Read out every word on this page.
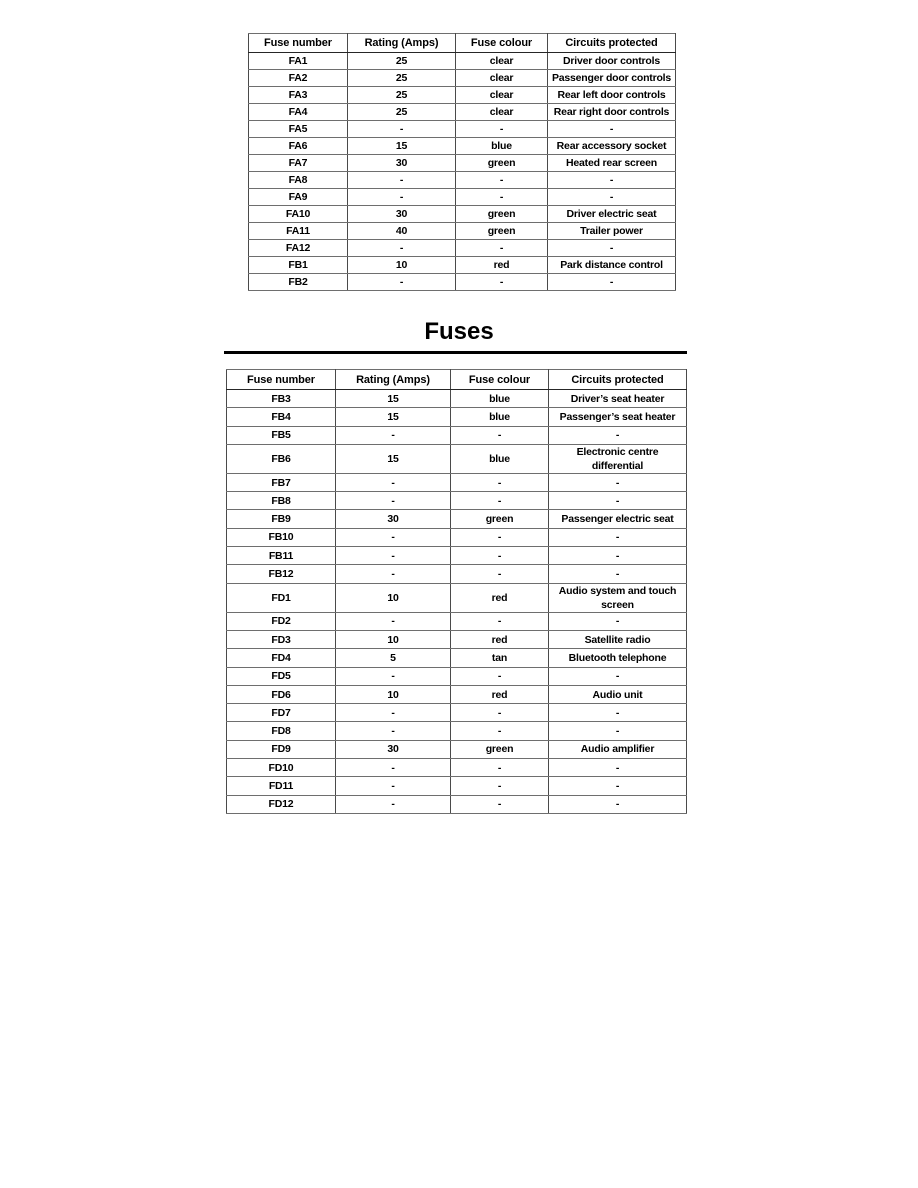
Fuse number	Rating (Amps)	Fuse colour	Circuits protected
FA1	25	clear	Driver door controls
FA2	25	clear	Passenger door controls
FA3	25	clear	Rear left door controls
FA4	25	clear	Rear right door controls
FA5	-	-	-
FA6	15	blue	Rear accessory socket
FA7	30	green	Heated rear screen
FA8	-	-	-
FA9	-	-	-
FA10	30	green	Driver electric seat
FA11	40	green	Trailer power
FA12	-	-	-
FB1	10	red	Park distance control
FB2	-	-	-
Fuses
Fuse number	Rating (Amps)	Fuse colour	Circuits protected
FB3	15	blue	Driver’s seat heater
FB4	15	blue	Passenger’s seat heater
FB5	-	-	-
FB6	15	blue	Electronic centre differential
FB7	-	-	-
FB8	-	-	-
FB9	30	green	Passenger electric seat
FB10	-	-	-
FB11	-	-	-
FB12	-	-	-
FD1	10	red	Audio system and touch screen
FD2	-	-	-
FD3	10	red	Satellite radio
FD4	5	tan	Bluetooth telephone
FD5	-	-	-
FD6	10	red	Audio unit
FD7	-	-	-
FD8	-	-	-
FD9	30	green	Audio amplifier
FD10	-	-	-
FD11	-	-	-
FD12	-	-	-
